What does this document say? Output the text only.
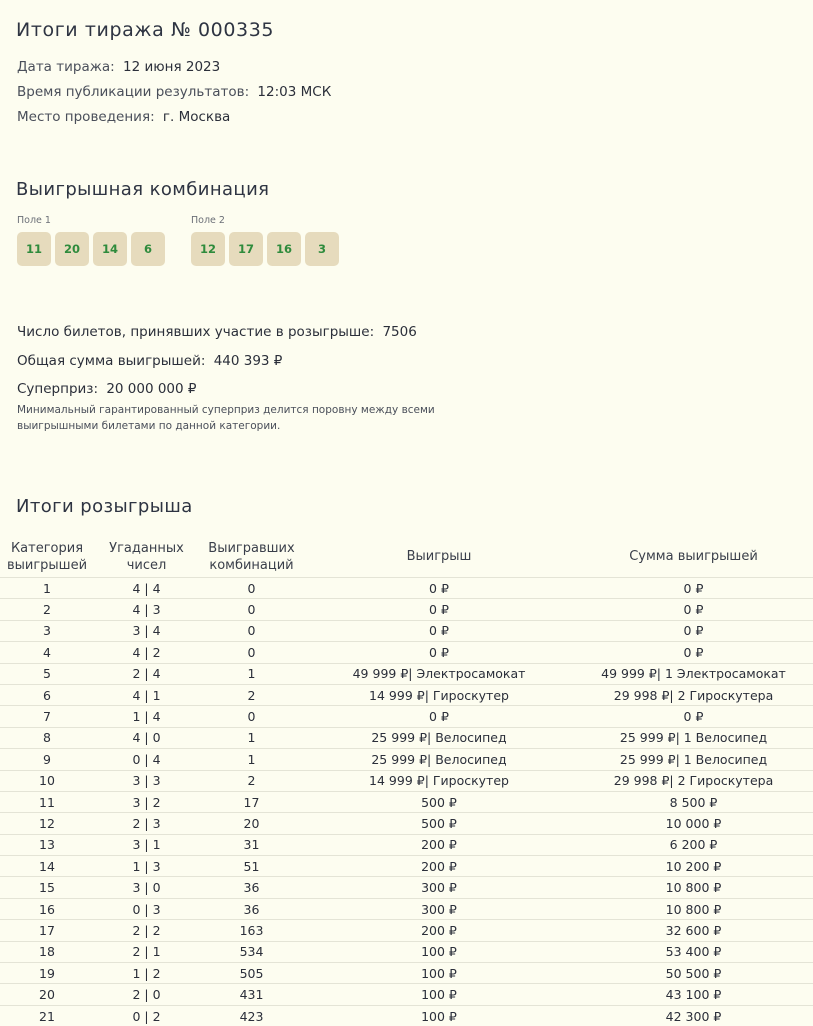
Итоги тиража № 000335
Дата тиража: 12 июня 2023
Время публикации результатов: 12:03 МСК
Место проведения: г. Москва
Выигрышная комбинация
Поле 1
11	20	14	6
Поле 2
12	17	16	3
Число билетов, принявших участие в розыгрыше: 7506
Общая сумма выигрышей: 440 393 ₽
Суперприз: 20 000 000 ₽
Минимальный гарантированный суперприз делится поровну между всеми выигрышными билетами по данной категории.
Итоги розыгрыша
Категория выигрышей	Угаданных чисел	Выигравших комбинаций	Выигрыш	Сумма выигрышей
1	4 | 4	0	0 ₽	0 ₽
2	4 | 3	0	0 ₽	0 ₽
3	3 | 4	0	0 ₽	0 ₽
4	4 | 2	0	0 ₽	0 ₽
5	2 | 4	1	49 999 ₽| Электросамокат	49 999 ₽| 1 Электросамокат
6	4 | 1	2	14 999 ₽| Гироскутер	29 998 ₽| 2 Гироскутера
7	1 | 4	0	0 ₽	0 ₽
8	4 | 0	1	25 999 ₽| Велосипед	25 999 ₽| 1 Велосипед
9	0 | 4	1	25 999 ₽| Велосипед	25 999 ₽| 1 Велосипед
10	3 | 3	2	14 999 ₽| Гироскутер	29 998 ₽| 2 Гироскутера
11	3 | 2	17	500 ₽	8 500 ₽
12	2 | 3	20	500 ₽	10 000 ₽
13	3 | 1	31	200 ₽	6 200 ₽
14	1 | 3	51	200 ₽	10 200 ₽
15	3 | 0	36	300 ₽	10 800 ₽
16	0 | 3	36	300 ₽	10 800 ₽
17	2 | 2	163	200 ₽	32 600 ₽
18	2 | 1	534	100 ₽	53 400 ₽
19	1 | 2	505	100 ₽	50 500 ₽
20	2 | 0	431	100 ₽	43 100 ₽
21	0 | 2	423	100 ₽	42 300 ₽
